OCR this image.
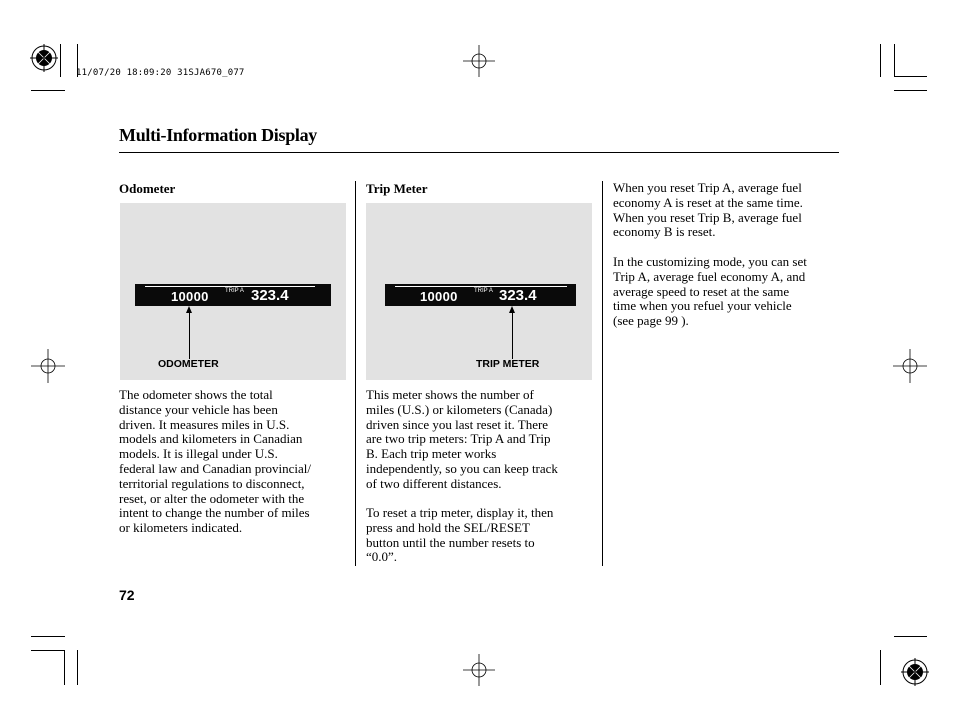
11/07/20 18:09:20 31SJA670_077
Multi-Information Display
Odometer
10000	TRIP A 323.4
ODOMETER

The odometer shows the total
distance your vehicle has been
driven. It measures miles in U.S.
models and kilometers in Canadian
models. It is illegal under U.S.
federal law and Canadian provincial/
territorial regulations to disconnect,
reset, or alter the odometer with the
intent to change the number of miles
or kilometers indicated.

Trip Meter
10000	TRIP A 323.4
TRIP METER

This meter shows the number of
miles (U.S.) or kilometers (Canada)
driven since you last reset it. There
are two trip meters: Trip A and Trip
B. Each trip meter works
independently, so you can keep track
of two different distances.

To reset a trip meter, display it, then
press and hold the SEL/RESET
button until the number resets to
“0.0”.

When you reset Trip A, average fuel
economy A is reset at the same time.
When you reset Trip B, average fuel
economy B is reset.

In the customizing mode, you can set
Trip A, average fuel economy A, and
average speed to reset at the same
time when you refuel your vehicle
(see page 99 ).

72
